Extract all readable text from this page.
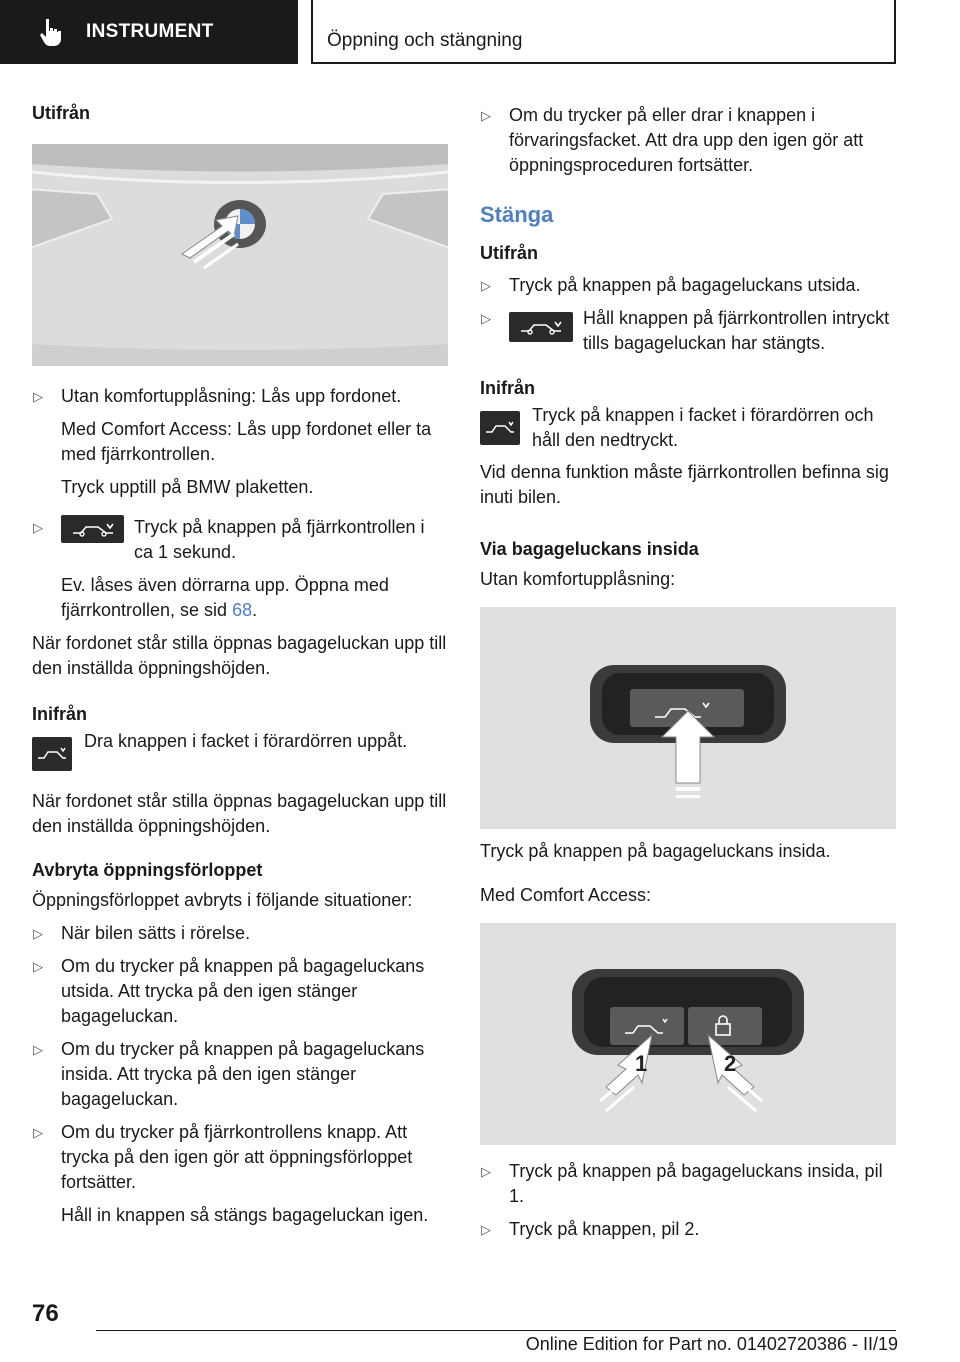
INSTRUMENT	Öppning och stängning
Utifrån
▷ Utan komfortupplåsning: Lås upp fordonet.
Med Comfort Access: Lås upp fordonet eller ta med fjärrkontrollen.
Tryck upptill på BMW plaketten.
▷	Tryck på knappen på fjärrkontrollen i ca 1 sekund.
Ev. låses även dörrarna upp. Öppna med fjärrkontrollen, se sid 68.
När fordonet står stilla öppnas bagageluckan upp till den inställda öppningshöjden.
Inifrån
Dra knappen i facket i förardörren uppåt.
När fordonet står stilla öppnas bagageluckan upp till den inställda öppningshöjden.
Avbryta öppningsförloppet
Öppningsförloppet avbryts i följande situationer:
▷ När bilen sätts i rörelse.
▷ Om du trycker på knappen på bagageluckans utsida. Att trycka på den igen stänger bagageluckan.
▷ Om du trycker på knappen på bagageluckans insida. Att trycka på den igen stänger bagageluckan.
▷ Om du trycker på fjärrkontrollens knapp. Att trycka på den igen gör att öppningsförloppet fortsätter.
Håll in knappen så stängs bagageluckan igen.
▷ Om du trycker på eller drar i knappen i förvaringsfacket. Att dra upp den igen gör att öppningsproceduren fortsätter.
Stänga
Utifrån
▷ Tryck på knappen på bagageluckans utsida.
▷	Håll knappen på fjärrkontrollen intryckt tills bagageluckan har stängts.
Inifrån
Tryck på knappen i facket i förardörren och håll den nedtryckt.
Vid denna funktion måste fjärrkontrollen befinna sig inuti bilen.
Via bagageluckans insida
Utan komfortupplåsning:
Tryck på knappen på bagageluckans insida.
Med Comfort Access:
1	2
▷ Tryck på knappen på bagageluckans insida, pil 1.
▷ Tryck på knappen, pil 2.
76
Online Edition for Part no. 01402720386 - II/19
